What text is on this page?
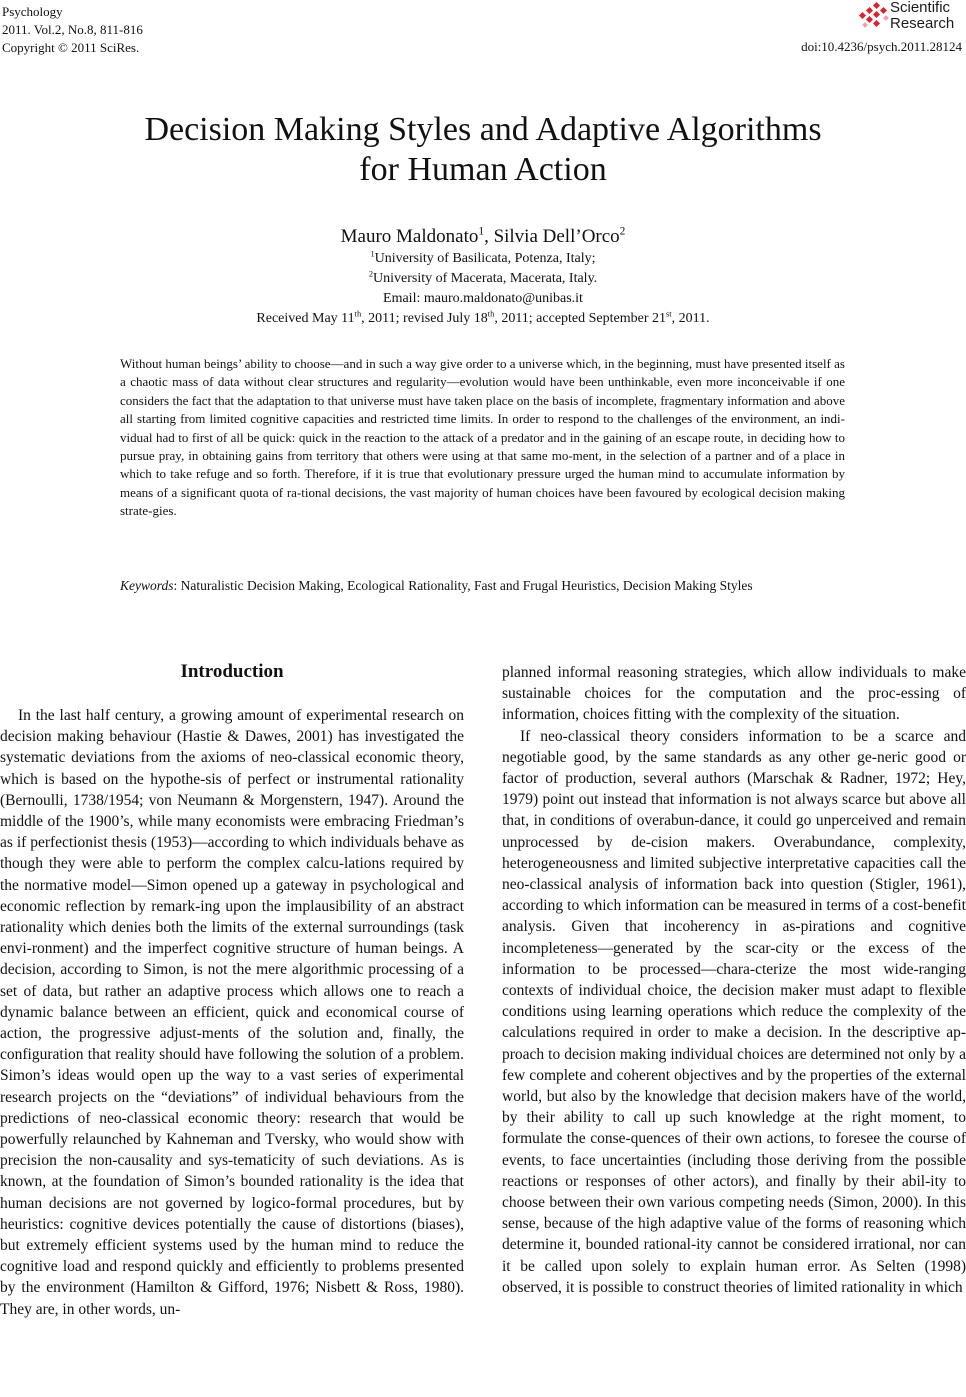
Psychology
2011. Vol.2, No.8, 811-816
Copyright © 2011 SciRes.
Scientific
Research
doi:10.4236/psych.2011.28124
Decision Making Styles and Adaptive Algorithms
for Human Action
Mauro Maldonato$^1$, Silvia Dell’Orco$^2$
$^1$University of Basilicata, Potenza, Italy;
$^2$University of Macerata, Macerata, Italy.
Email: mauro.maldonato@unibas.it
Received May 11th, 2011; revised July 18th, 2011; accepted September 21st, 2011.
Without human beings’ ability to choose―and in such a way give order to a universe which, in the beginning, must have presented itself as a chaotic mass of data without clear structures and regularity―evolution would have been unthinkable, even more inconceivable if one considers the fact that the adaptation to that universe must have taken place on the basis of incomplete, fragmentary information and above all starting from limited cognitive capacities and restricted time limits. In order to respond to the challenges of the environment, an indi-vidual had to first of all be quick: quick in the reaction to the attack of a predator and in the gaining of an escape route, in deciding how to pursue pray, in obtaining gains from territory that others were using at that same mo-ment, in the selection of a partner and of a place in which to take refuge and so forth. Therefore, if it is true that evolutionary pressure urged the human mind to accumulate information by means of a significant quota of ra-tional decisions, the vast majority of human choices have been favoured by ecological decision making strate-gies.
Keywords: Naturalistic Decision Making, Ecological Rationality, Fast and Frugal Heuristics, Decision Making Styles
Introduction

In the last half century, a growing amount of experimental research on decision making behaviour (Hastie & Dawes, 2001) has investigated the systematic deviations from the axioms of neo-classical economic theory, which is based on the hypothe-sis of perfect or instrumental rationality (Bernoulli, 1738/1954; von Neumann & Morgenstern, 1947). Around the middle of the 1900’s, while many economists were embracing Friedman’s as if perfectionist thesis (1953)―according to which individuals behave as though they were able to perform the complex calcu-lations required by the normative model―Simon opened up a gateway in psychological and economic reflection by remark-ing upon the implausibility of an abstract rationality which denies both the limits of the external surroundings (task envi-ronment) and the imperfect cognitive structure of human beings. A decision, according to Simon, is not the mere algorithmic processing of a set of data, but rather an adaptive process which allows one to reach a dynamic balance between an efficient, quick and economical course of action, the progressive adjust-ments of the solution and, finally, the configuration that reality should have following the solution of a problem. Simon’s ideas would open up the way to a vast series of experimental research projects on the “deviations” of individual behaviours from the predictions of neo-classical economic theory: research that would be powerfully relaunched by Kahneman and Tversky, who would show with precision the non-causality and sys-tematicity of such deviations. As is known, at the foundation of Simon’s bounded rationality is the idea that human decisions are not governed by logico-formal procedures, but by heuristics: cognitive devices potentially the cause of distortions (biases), but extremely efficient systems used by the human mind to reduce the cognitive load and respond quickly and efficiently to problems presented by the environment (Hamilton & Gifford, 1976; Nisbett & Ross, 1980). They are, in other words, un-

planned informal reasoning strategies, which allow individuals to make sustainable choices for the computation and the proc-essing of information, choices fitting with the complexity of the situation.

If neo-classical theory considers information to be a scarce and negotiable good, by the same standards as any other ge-neric good or factor of production, several authors (Marschak & Radner, 1972; Hey, 1979) point out instead that information is not always scarce but above all that, in conditions of overabun-dance, it could go unperceived and remain unprocessed by de-cision makers. Overabundance, complexity, heterogeneousness and limited subjective interpretative capacities call the neo-classical analysis of information back into question (Stigler, 1961), according to which information can be measured in terms of a cost-benefit analysis. Given that incoherency in as-pirations and cognitive incompleteness―generated by the scar-city or the excess of the information to be processed―chara-cterize the most wide-ranging contexts of individual choice, the decision maker must adapt to flexible conditions using learning operations which reduce the complexity of the calculations required in order to make a decision. In the descriptive ap-proach to decision making individual choices are determined not only by a few complete and coherent objectives and by the properties of the external world, but also by the knowledge that decision makers have of the world, by their ability to call up such knowledge at the right moment, to formulate the conse-quences of their own actions, to foresee the course of events, to face uncertainties (including those deriving from the possible reactions or responses of other actors), and finally by their abil-ity to choose between their own various competing needs (Simon, 2000). In this sense, because of the high adaptive value of the forms of reasoning which determine it, bounded rational-ity cannot be considered irrational, nor can it be called upon solely to explain human error. As Selten (1998) observed, it is possible to construct theories of limited rationality in which
